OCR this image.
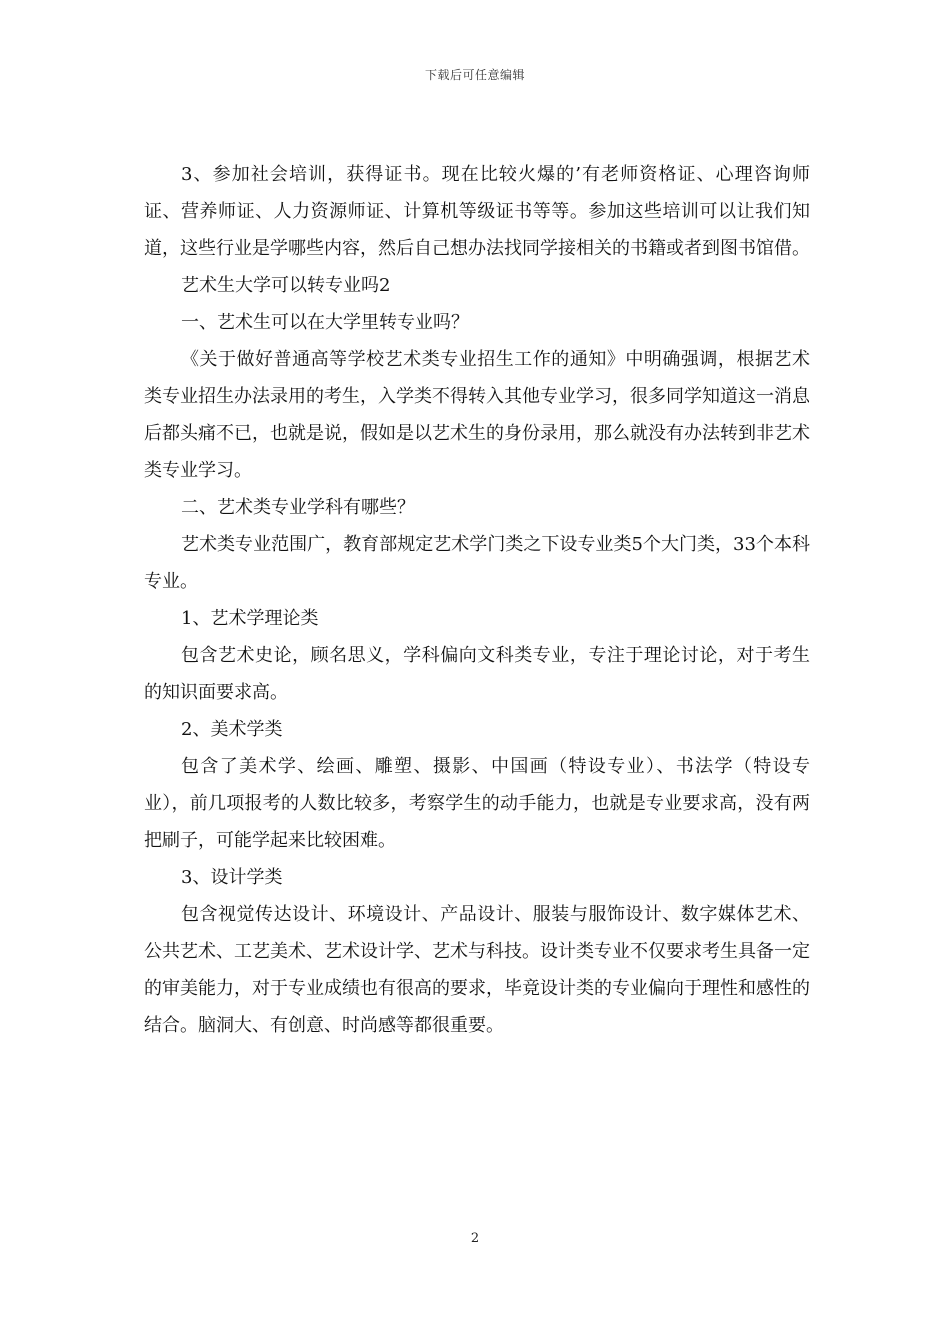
下载后可任意编辑

3、参加社会培训，获得证书。现在比较火爆的’有老师资格证、心理咨询师证、营养师证、人力资源师证、计算机等级证书等等。参加这些培训可以让我们知道，这些行业是学哪些内容，然后自己想办法找同学接相关的书籍或者到图书馆借。

艺术生大学可以转专业吗2

一、艺术生可以在大学里转专业吗？

《关于做好普通高等学校艺术类专业招生工作的通知》中明确强调，根据艺术类专业招生办法录用的考生，入学类不得转入其他专业学习，很多同学知道这一消息后都头痛不已，也就是说，假如是以艺术生的身份录用，那么就没有办法转到非艺术类专业学习。

二、艺术类专业学科有哪些？

艺术类专业范围广，教育部规定艺术学门类之下设专业类5个大门类，33个本科专业。

1、艺术学理论类

包含艺术史论，顾名思义，学科偏向文科类专业，专注于理论讨论，对于考生的知识面要求高。

2、美术学类

包含了美术学、绘画、雕塑、摄影、中国画（特设专业）、书法学（特设专业），前几项报考的人数比较多，考察学生的动手能力，也就是专业要求高，没有两把刷子，可能学起来比较困难。

3、设计学类

包含视觉传达设计、环境设计、产品设计、服装与服饰设计、数字媒体艺术、公共艺术、工艺美术、艺术设计学、艺术与科技。设计类专业不仅要求考生具备一定的审美能力，对于专业成绩也有很高的要求，毕竟设计类的专业偏向于理性和感性的结合。脑洞大、有创意、时尚感等都很重要。

2
